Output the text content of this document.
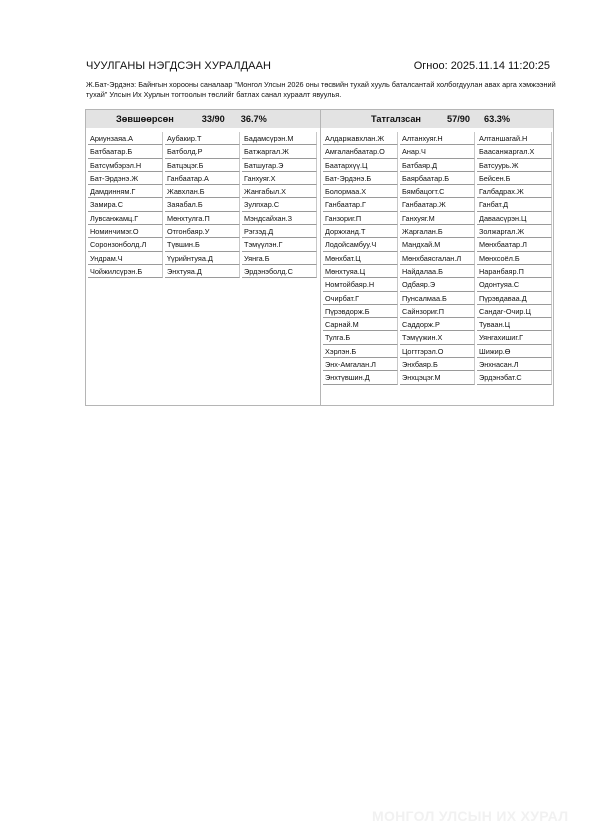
ЧУУЛГАНЫ НЭГДСЭН ХУРАЛДААН	Огноо: 2025.11.14 11:20:25
Ж.Бат-Эрдэнэ: Байнгын хорооны саналаар "Монгол Улсын 2026 оны төсвийн тухай хууль баталсантай холбогдуулан авах арга хэмжээний тухай" Улсын Их Хурлын тогтоолын төслийг батлах санал хураалт явуулья.
Зөвшөөрсөн	33/90 36.7%	Татгалзсан	57/90 63.3%
Ариунзаяа.А	Аубакир.Т	Бадамсүрэн.М
Батбаатар.Б	Батболд.Р	Батжаргал.Ж
Батсүмбэрэл.Н	Батцэцэг.Б	Батшугар.Э
Бат-Эрдэнэ.Ж	Ганбаатар.А	Ганхуяг.Х
Дамдинням.Г	Жавхлан.Б	Жангабыл.Х
Замира.С	Заяабал.Б	Зулпхар.С
Лувсанжамц.Г	Мөнхтулга.П	Мэндсайхан.З
Номинчимэг.О	Отгонбаяр.У	Рэгзэд.Д
Соронзонболд.Л	Түвшин.Б	Тэмүүлэн.Г
Ундрам.Ч	Үүрийнтуяа.Д	Уянга.Б
Чойжилсүрэн.Б	Энхтуяа.Д	Эрдэнэболд.С
Алдаржавхлан.Ж	Алтанхуяг.Н	Алтаншагай.Н
Амгаланбаатар.О	Анар.Ч	Баасанжаргал.Х
Баатархүү.Ц	Батбаяр.Д	Батсуурь.Ж
Бат-Эрдэнэ.Б	Баярбаатар.Б	Бейсен.Б
Болормаа.Х	Бямбацогт.С	Галбадрах.Ж
Ганбаатар.Г	Ганбаатар.Ж	Ганбат.Д
Ганзориг.П	Ганхуяг.М	Даваасүрэн.Ц
Доржханд.Т	Жаргалан.Б	Золжаргал.Ж
Лодойсамбуу.Ч	Мандхай.М	Мөнхбаатар.Л
Мөнхбат.Ц	Мөнхбаясгалан.Л	Мөнхсоёл.Б
Мөнхтуяа.Ц	Найдалаа.Б	Наранбаяр.П
Номтойбаяр.Н	Одбаяр.Э	Одонтуяа.С
Очирбат.Г	Пунсалмаа.Б	Пүрэвдаваа.Д
Пүрэвдорж.Б	Сайнзориг.П	Сандаг-Очир.Ц
Сарнай.М	Саддорж.Р	Туваан.Ц
Тулга.Б	Тэмүүжин.Х	Уянгахишиг.Г
Хэрлэн.Б	Цогтгэрэл.О	Шижир.Ө
Энх-Амгалан.Л	Энхбаяр.Б	Энхнасан.Л
Энхтүвшин.Д	Энхцэцэг.М	Эрдэнэбат.С
МОНГОЛ УЛСЫН ИХ ХУРАЛ
